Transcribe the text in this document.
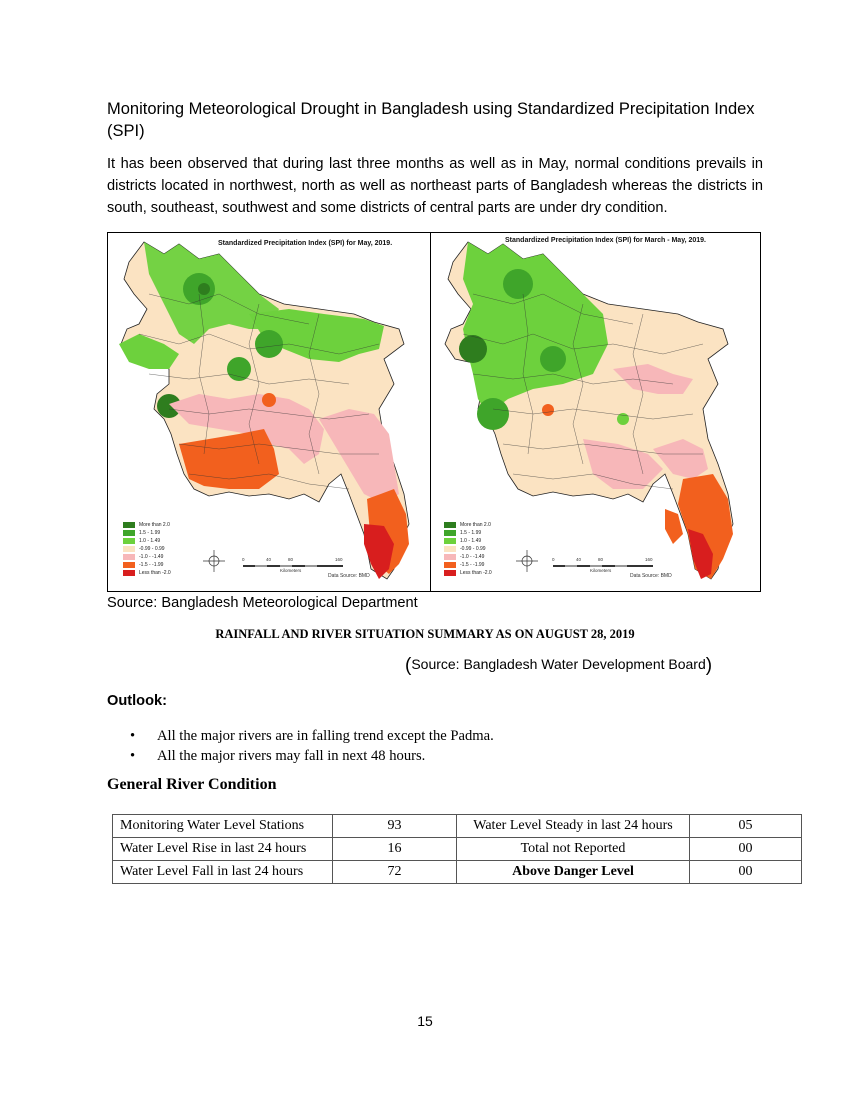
Monitoring Meteorological Drought in Bangladesh using Standardized Precipitation Index (SPI)
It has been observed that during last three months as well as in May, normal conditions prevails in districts located in northwest, north as well as northeast parts of Bangladesh whereas the districts in south, southeast, southwest and some districts of central parts are under dry condition.
Standardized Precipitation Index (SPI) for May, 2019.	Standardized Precipitation Index (SPI) for March - May, 2019.
More than 2.0
1.5 - 1.99
1.0 - 1.49
-0.99 - 0.99
-1.0 - -1.49
-1.5 - -1.99
Less than -2.0
More than 2.0
1.5 - 1.99
1.0 - 1.49
-0.99 - 0.99
-1.0 - -1.49
-1.5 - -1.99
Less than -2.0
0	40	80	160
Kilometers
Data Source: BMD
0	40	80	160
Kilometers
Data Source: BMD
Source: Bangladesh Meteorological Department
RAINFALL AND RIVER SITUATION SUMMARY AS ON AUGUST 28, 2019
(Source: Bangladesh Water Development Board)
Outlook:
• All the major rivers are in falling trend except the Padma.
• All the major rivers may fall in next 48 hours.
General River Condition
Monitoring Water Level Stations	93	Water Level Steady in last 24 hours	05
Water Level Rise in last 24 hours	16	Total not Reported	00
Water Level Fall in last 24 hours	72	Above Danger Level	00
15
